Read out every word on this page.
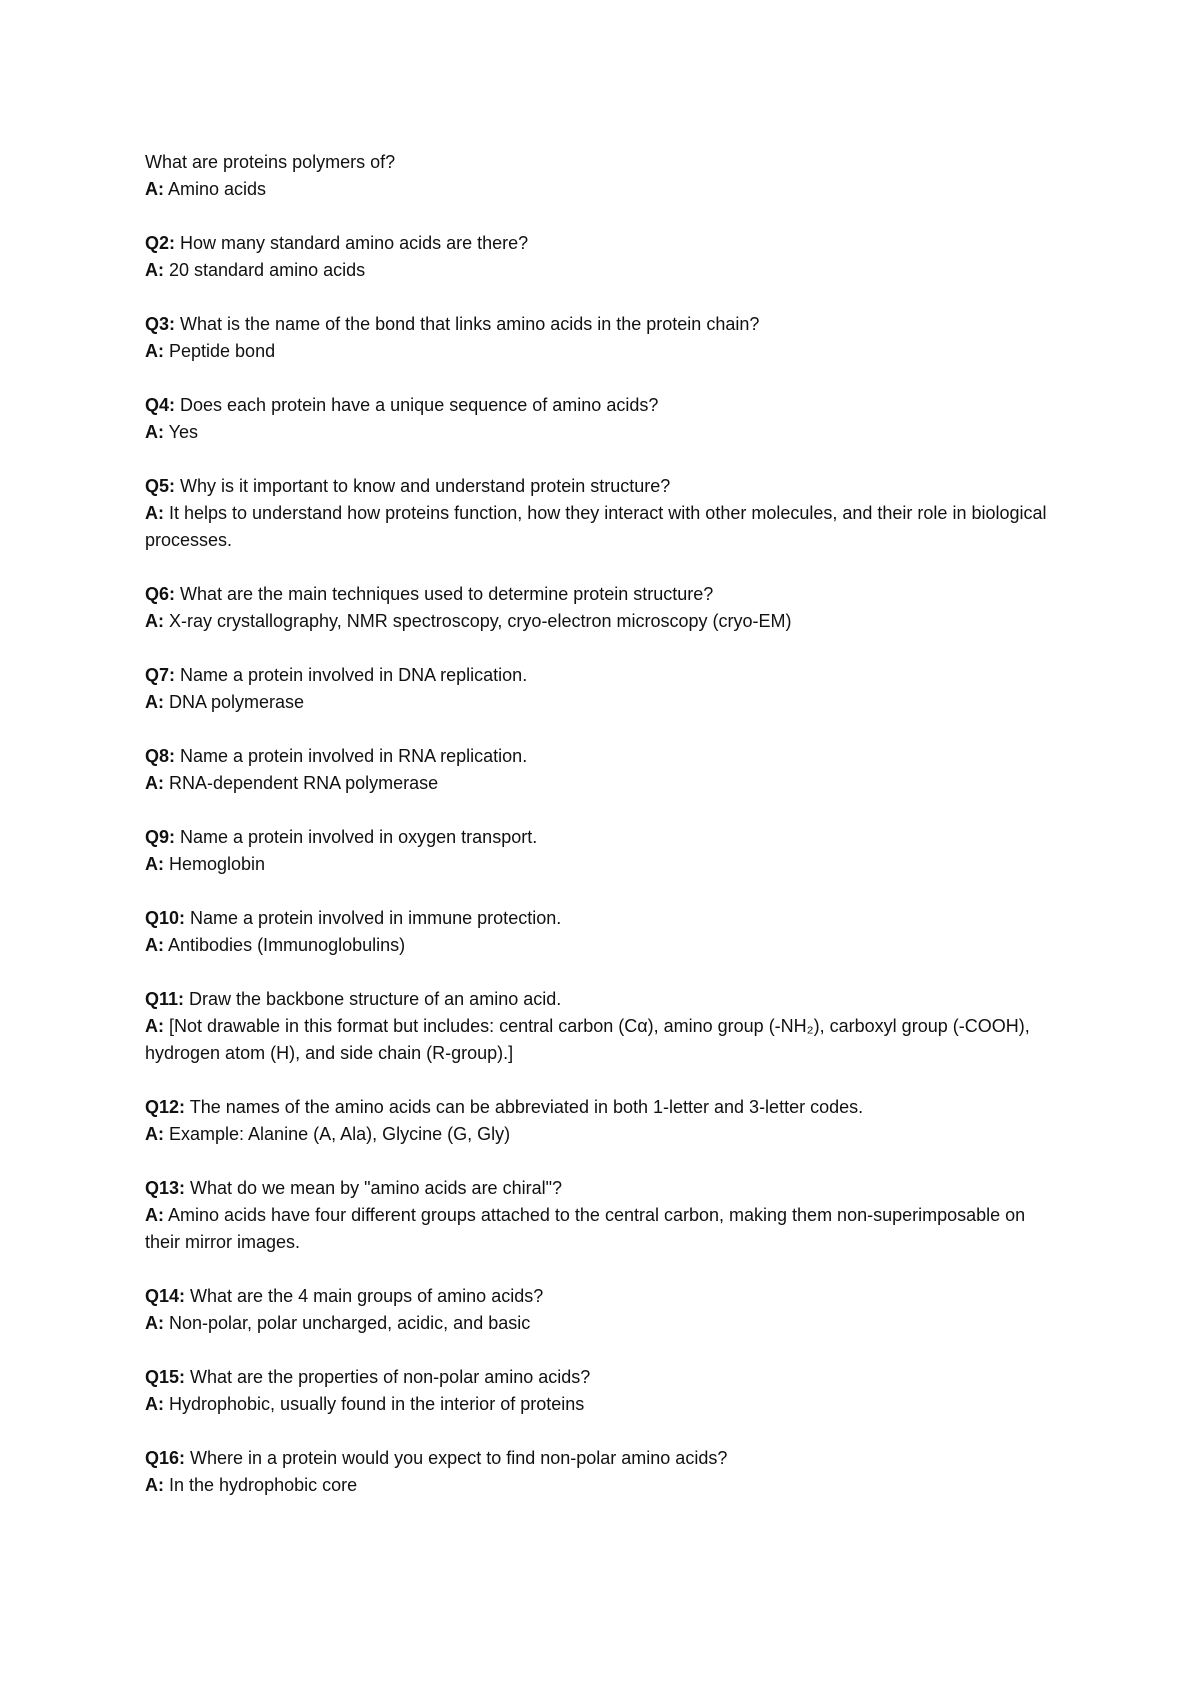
What are proteins polymers of?
A: Amino acids
Q2: How many standard amino acids are there?
A: 20 standard amino acids
Q3: What is the name of the bond that links amino acids in the protein chain?
A: Peptide bond
Q4: Does each protein have a unique sequence of amino acids?
A: Yes
Q5: Why is it important to know and understand protein structure?
A: It helps to understand how proteins function, how they interact with other molecules, and their role in biological processes.
Q6: What are the main techniques used to determine protein structure?
A: X-ray crystallography, NMR spectroscopy, cryo-electron microscopy (cryo-EM)
Q7: Name a protein involved in DNA replication.
A: DNA polymerase
Q8: Name a protein involved in RNA replication.
A: RNA-dependent RNA polymerase
Q9: Name a protein involved in oxygen transport.
A: Hemoglobin
Q10: Name a protein involved in immune protection.
A: Antibodies (Immunoglobulins)
Q11: Draw the backbone structure of an amino acid.
A: [Not drawable in this format but includes: central carbon (Cα), amino group (-NH₂), carboxyl group (-COOH), hydrogen atom (H), and side chain (R-group).]
Q12: The names of the amino acids can be abbreviated in both 1-letter and 3-letter codes.
A: Example: Alanine (A, Ala), Glycine (G, Gly)
Q13: What do we mean by "amino acids are chiral"?
A: Amino acids have four different groups attached to the central carbon, making them non-superimposable on their mirror images.
Q14: What are the 4 main groups of amino acids?
A: Non-polar, polar uncharged, acidic, and basic
Q15: What are the properties of non-polar amino acids?
A: Hydrophobic, usually found in the interior of proteins
Q16: Where in a protein would you expect to find non-polar amino acids?
A: In the hydrophobic core
